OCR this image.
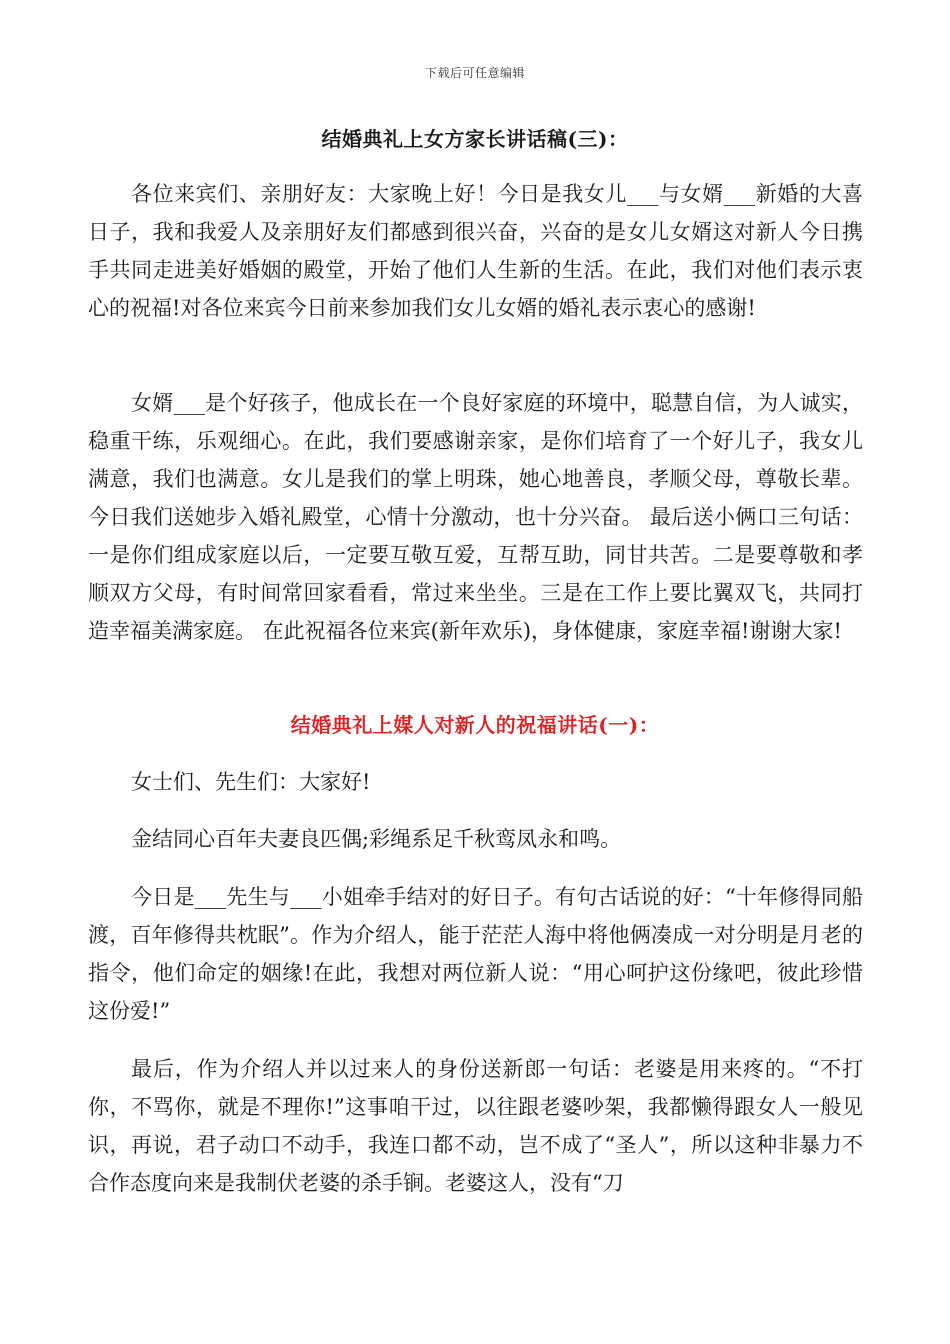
下载后可任意编辑
结婚典礼上女方家长讲话稿(三)：

各位来宾们、亲朋好友：大家晚上好！今日是我女儿___与女婿___新婚的大喜日子，我和我爱人及亲朋好友们都感到很兴奋，兴奋的是女儿女婿这对新人今日携手共同走进美好婚姻的殿堂，开始了他们人生新的生活。在此，我们对他们表示衷心的祝福!对各位来宾今日前来参加我们女儿女婿的婚礼表示衷心的感谢!

女婿___是个好孩子，他成长在一个良好家庭的环境中，聪慧自信，为人诚实，稳重干练，乐观细心。在此，我们要感谢亲家，是你们培育了一个好儿子，我女儿满意，我们也满意。女儿是我们的掌上明珠，她心地善良，孝顺父母，尊敬长辈。今日我们送她步入婚礼殿堂，心情十分激动，也十分兴奋。 最后送小俩口三句话：一是你们组成家庭以后，一定要互敬互爱，互帮互助，同甘共苦。二是要尊敬和孝顺双方父母，有时间常回家看看，常过来坐坐。三是在工作上要比翼双飞，共同打造幸福美满家庭。 在此祝福各位来宾(新年欢乐)，身体健康，家庭幸福!谢谢大家!

结婚典礼上媒人对新人的祝福讲话(一)：

女士们、先生们：大家好!

金结同心百年夫妻良匹偶;彩绳系足千秋鸾凤永和鸣。

今日是___先生与___小姐牵手结对的好日子。有句古话说的好：“十年修得同船渡，百年修得共枕眠”。作为介绍人，能于茫茫人海中将他俩凑成一对分明是月老的指令，他们命定的姻缘!在此，我想对两位新人说：“用心呵护这份缘吧，彼此珍惜这份爱!”

最后，作为介绍人并以过来人的身份送新郎一句话：老婆是用来疼的。“不打你，不骂你，就是不理你!”这事咱干过，以往跟老婆吵架，我都懒得跟女人一般见识，再说，君子动口不动手，我连口都不动，岂不成了“圣人”，所以这种非暴力不合作态度向来是我制伏老婆的杀手锏。老婆这人，没有“刀
